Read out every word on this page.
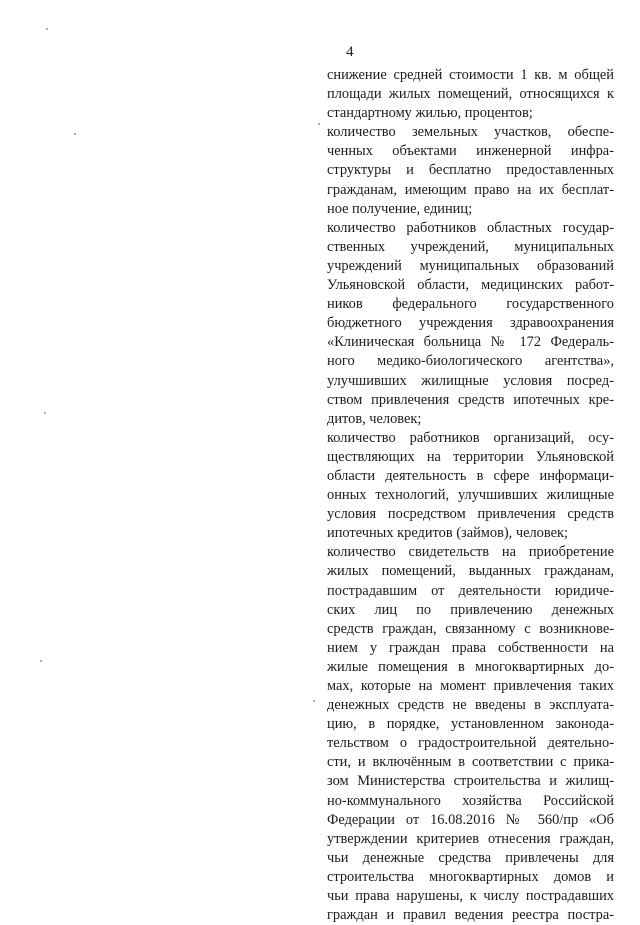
4
снижение средней стоимости 1 кв. м общей
площади жилых помещений, относящихся к
стандартному жилью, процентов;
количество земельных участков, обеспе-
ченных объектами инженерной инфра-
структуры и бесплатно предоставленных
гражданам, имеющим право на их бесплат-
ное получение, единиц;
количество работников областных государ-
ственных учреждений, муниципальных
учреждений муниципальных образований
Ульяновской области, медицинских работ-
ников федерального государственного
бюджетного учреждения здравоохранения
«Клиническая больница № 172 Федераль-
ного медико-биологического агентства»,
улучшивших жилищные условия посред-
ством привлечения средств ипотечных кре-
дитов, человек;
количество работников организаций, осу-
ществляющих на территории Ульяновской
области деятельность в сфере информаци-
онных технологий, улучшивших жилищные
условия посредством привлечения средств
ипотечных кредитов (займов), человек;
количество свидетельств на приобретение
жилых помещений, выданных гражданам,
пострадавшим от деятельности юридиче-
ских лиц по привлечению денежных
средств граждан, связанному с возникнове-
нием у граждан права собственности на
жилые помещения в многоквартирных до-
мах, которые на момент привлечения таких
денежных средств не введены в эксплуата-
цию, в порядке, установленном законода-
тельством о градостроительной деятельно-
сти, и включённым в соответствии с прика-
зом Министерства строительства и жилищ-
но-коммунального хозяйства Российской
Федерации от 16.08.2016 № 560/пр «Об
утверждении критериев отнесения граждан,
чьи денежные средства привлечены для
строительства многоквартирных домов и
чьи права нарушены, к числу пострадавших
граждан и правил ведения реестра постра-
